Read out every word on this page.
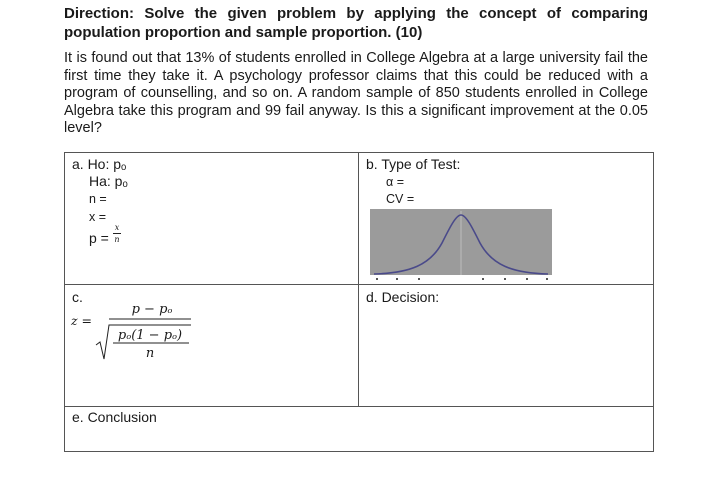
Direction: Solve the given problem by applying the concept of comparing population proportion and sample proportion. (10)
It is found out that 13% of students enrolled in College Algebra at a large university fail the first time they take it. A psychology professor claims that this could be reduced with a program of counselling, and so on. A random sample of 850 students enrolled in College Algebra take this program and 99 fail anyway. Is this a significant improvement at the 0.05 level?
a. Ho: pₒ
Ha: pₒ
n =
x =
p =
x
n
b. Type of Test:
α =
CV =
c.
z =
p − pₒ
pₒ(1 − pₒ)
n
d. Decision:
e. Conclusion
